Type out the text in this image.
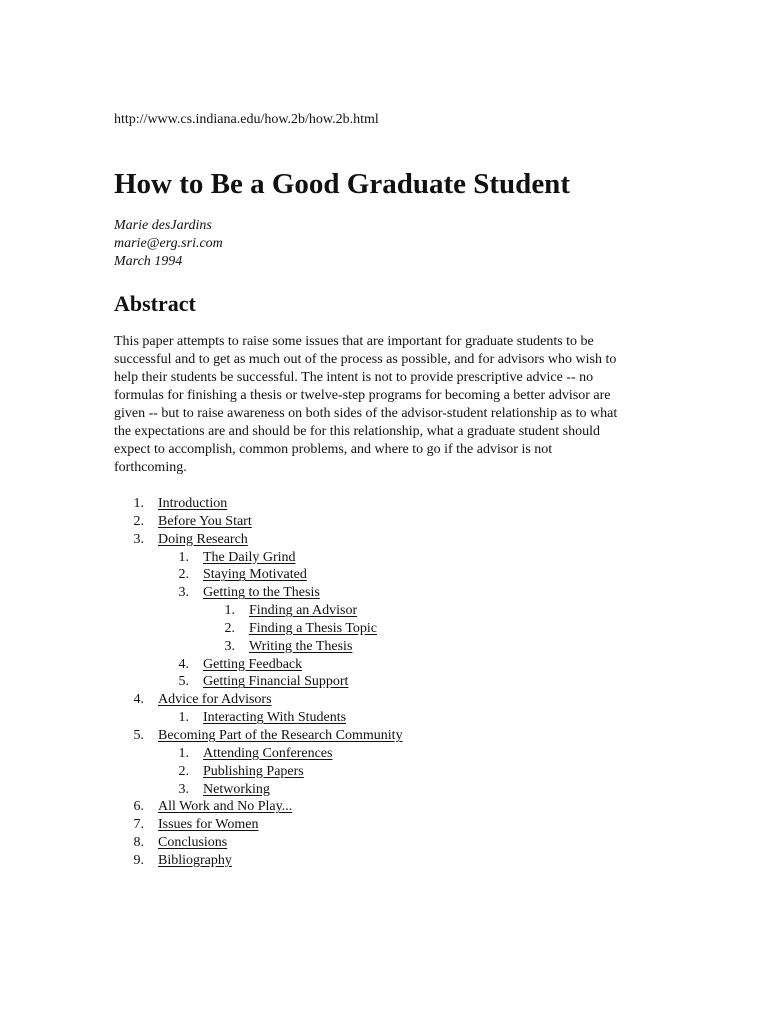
http://www.cs.indiana.edu/how.2b/how.2b.html
How to Be a Good Graduate Student
Marie desJardins
marie@erg.sri.com
March 1994
Abstract
This paper attempts to raise some issues that are important for graduate students to be
successful and to get as much out of the process as possible, and for advisors who wish to
help their students be successful. The intent is not to provide prescriptive advice -- no
formulas for finishing a thesis or twelve-step programs for becoming a better advisor are
given -- but to raise awareness on both sides of the advisor-student relationship as to what
the expectations are and should be for this relationship, what a graduate student should
expect to accomplish, common problems, and where to go if the advisor is not
forthcoming.
1. Introduction
2. Before You Start
3. Doing Research
1. The Daily Grind
2. Staying Motivated
3. Getting to the Thesis
1. Finding an Advisor
2. Finding a Thesis Topic
3. Writing the Thesis
4. Getting Feedback
5. Getting Financial Support
4. Advice for Advisors
1. Interacting With Students
5. Becoming Part of the Research Community
1. Attending Conferences
2. Publishing Papers
3. Networking
6. All Work and No Play...
7. Issues for Women
8. Conclusions
9. Bibliography
